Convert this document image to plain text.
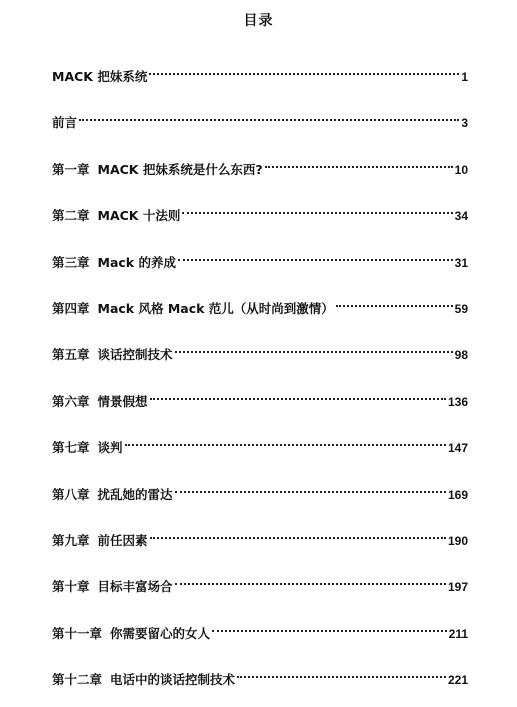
目录
MACK 把妹系统	1
前言	3
第一章 MACK 把妹系统是什么东西?	10
第二章 MACK 十法则	34
第三章 Mack 的养成	31
第四章 Mack 风格 Mack 范儿（从时尚到激情）	59
第五章 谈话控制技术	98
第六章 情景假想	136
第七章 谈判	147
第八章 扰乱她的雷达	169
第九章 前任因素	190
第十章 目标丰富场合	197
第十一章 你需要留心的女人	211
第十二章 电话中的谈话控制技术	221
